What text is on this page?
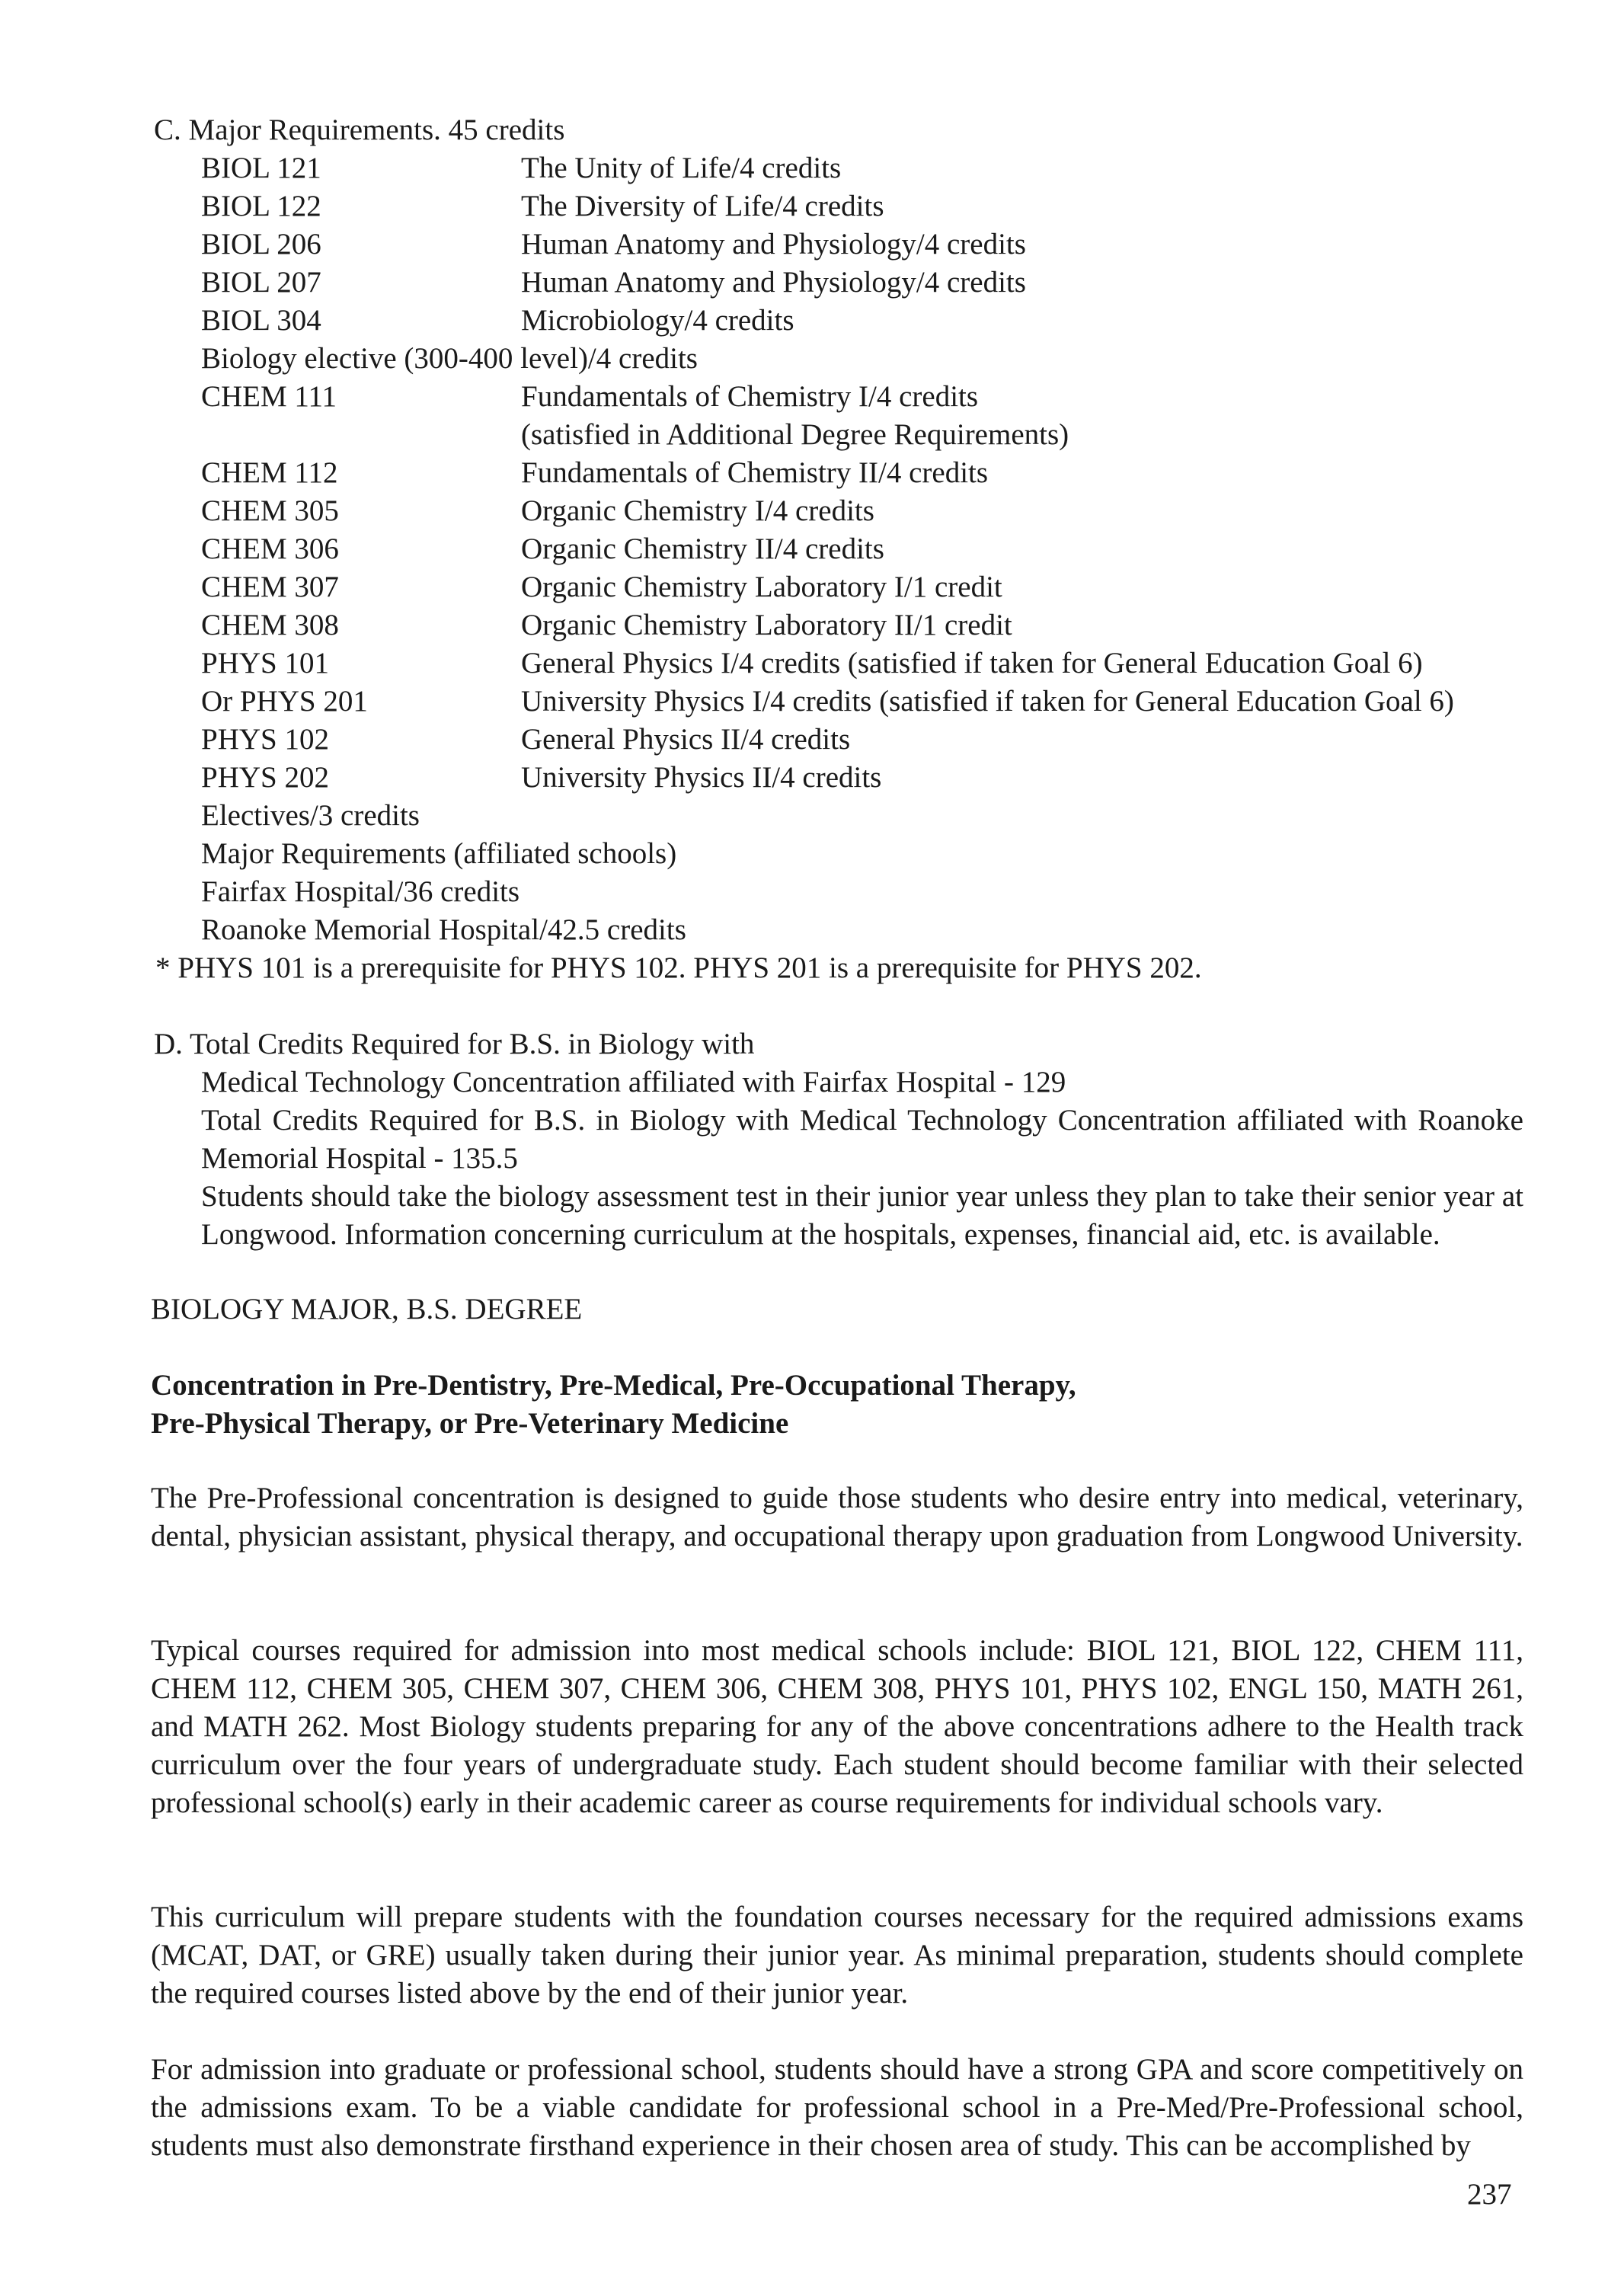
C. Major Requirements. 45 credits
BIOL 121	The Unity of Life/4 credits
BIOL 122	The Diversity of Life/4 credits
BIOL 206	Human Anatomy and Physiology/4 credits
BIOL 207	Human Anatomy and Physiology/4 credits
BIOL 304	Microbiology/4 credits
Biology elective (300-400 level)/4 credits
CHEM 111	Fundamentals of Chemistry I/4 credits
(satisfied in Additional Degree Requirements)
CHEM 112	Fundamentals of Chemistry II/4 credits
CHEM 305	Organic Chemistry I/4 credits
CHEM 306	Organic Chemistry II/4 credits
CHEM 307	Organic Chemistry Laboratory I/1 credit
CHEM 308	Organic Chemistry Laboratory II/1 credit
PHYS 101	General Physics I/4 credits (satisfied if taken for General Education Goal 6)
Or PHYS 201	University Physics I/4 credits (satisfied if taken for General Education Goal 6)
PHYS 102	General Physics II/4 credits
PHYS 202	University Physics II/4 credits
Electives/3 credits
Major Requirements (affiliated schools)
Fairfax Hospital/36 credits
Roanoke Memorial Hospital/42.5 credits
* PHYS 101 is a prerequisite for PHYS 102. PHYS 201 is a prerequisite for PHYS 202.
D. Total Credits Required for B.S. in Biology with
Medical Technology Concentration affiliated with Fairfax Hospital - 129
Total Credits Required for B.S. in Biology with Medical Technology Concentration affiliated with Roanoke Memorial Hospital - 135.5
Students should take the biology assessment test in their junior year unless they plan to take their senior year at Longwood. Information concerning curriculum at the hospitals, expenses, financial aid, etc. is available.
BIOLOGY MAJOR, B.S. DEGREE
Concentration in Pre-Dentistry, Pre-Medical, Pre-Occupational Therapy,
Pre-Physical Therapy, or Pre-Veterinary Medicine
The Pre-Professional concentration is designed to guide those students who desire entry into medical, veterinary, dental, physician assistant, physical therapy, and occupational therapy upon graduation from Longwood University.
Typical courses required for admission into most medical schools include: BIOL 121, BIOL 122, CHEM 111, CHEM 112, CHEM 305, CHEM 307, CHEM 306, CHEM 308, PHYS 101, PHYS 102, ENGL 150, MATH 261, and MATH 262. Most Biology students preparing for any of the above concentrations adhere to the Health track curriculum over the four years of undergraduate study. Each student should become familiar with their selected professional school(s) early in their academic career as course requirements for individual schools vary.
This curriculum will prepare students with the foundation courses necessary for the required admissions exams (MCAT, DAT, or GRE) usually taken during their junior year. As minimal preparation, students should complete the required courses listed above by the end of their junior year.
For admission into graduate or professional school, students should have a strong GPA and score competitively on the admissions exam. To be a viable candidate for professional school in a Pre-Med/Pre-Professional school, students must also demonstrate firsthand experience in their chosen area of study. This can be accomplished by
237
